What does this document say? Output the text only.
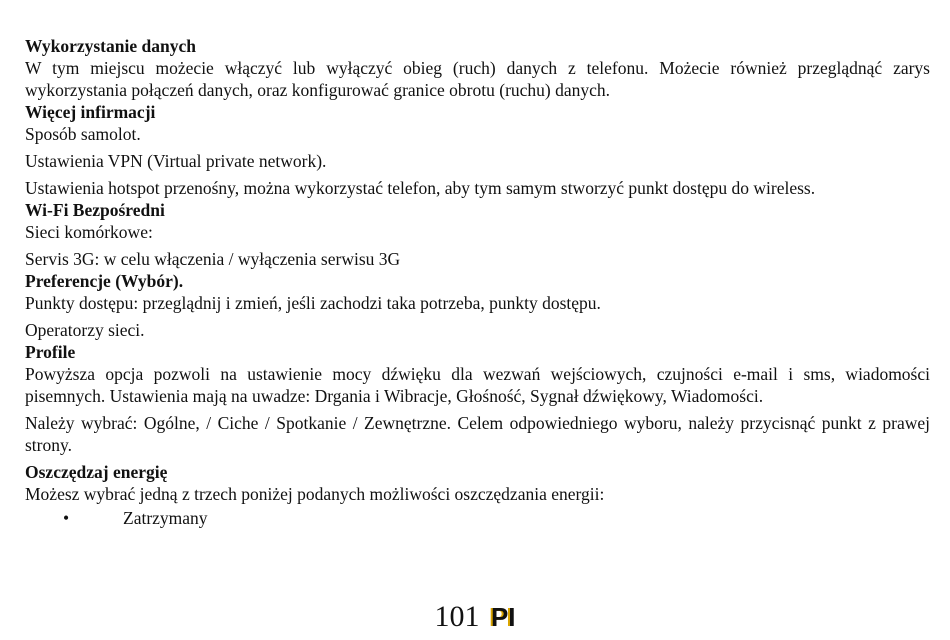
Wykorzystanie danych

W tym miejscu możecie włączyć lub wyłączyć obieg (ruch) danych z telefonu. Możecie również przeglądnąć zarys wykorzystania połączeń danych, oraz konfigurować granice obrotu (ruchu) danych.

Więcej infirmacji

Sposób samolot.

Ustawienia VPN (Virtual private network).

Ustawienia hotspot przenośny, można wykorzystać telefon, aby tym samym stworzyć punkt dostępu do wireless.

Wi-Fi Bezpośredni

Sieci komórkowe:

Servis 3G: w celu włączenia / wyłączenia serwisu 3G

Preferencje (Wybór).

Punkty dostępu: przeglądnij i zmień, jeśli zachodzi taka potrzeba, punkty dostępu.

Operatorzy sieci.

Profile

Powyższa opcja pozwoli na ustawienie mocy dźwięku dla wezwań wejściowych, czujności e-mail i sms, wiadomości pisemnych. Ustawienia mają na uwadze: Drgania i Wibracje, Głośność, Sygnał dźwiękowy, Wiadomości.

Należy wybrać: Ogólne, / Ciche / Spotkanie / Zewnętrzne. Celem odpowiedniego wyboru, należy przycisnąć punkt z prawej strony.

Oszczędzaj energię

Możesz wybrać jedną z trzech poniżej podanych możliwości oszczędzania energii:

•	Zatrzymany
101 PI
